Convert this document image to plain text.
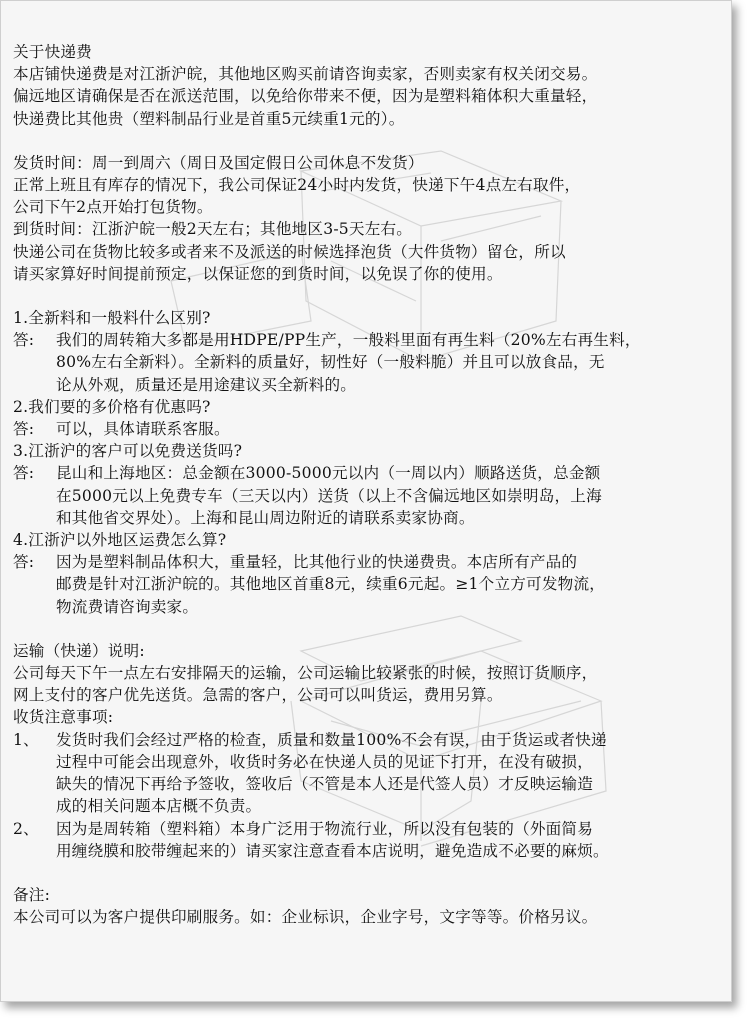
关于快递费
本店铺快递费是对江浙沪皖，其他地区购买前请咨询卖家，否则卖家有权关闭交易。
偏远地区请确保是否在派送范围，以免给你带来不便，因为是塑料箱体积大重量轻，
快递费比其他贵（塑料制品行业是首重5元续重1元的）。
发货时间：周一到周六（周日及国定假日公司休息不发货）
正常上班且有库存的情况下，我公司保证24小时内发货，快递下午4点左右取件，
公司下午2点开始打包货物。
到货时间：江浙沪皖一般2天左右；其他地区3-5天左右。
快递公司在货物比较多或者来不及派送的时候选择泡货（大件货物）留仓，所以
请买家算好时间提前预定，以保证您的到货时间，以免误了你的使用。
1.全新料和一般料什么区别?
答:	我们的周转箱大多都是用HDPE/PP生产，一般料里面有再生料（20%左右再生料，
80%左右全新料）。全新料的质量好，韧性好（一般料脆）并且可以放食品，无
论从外观，质量还是用途建议买全新料的。
2.我们要的多价格有优惠吗?
答:	可以，具体请联系客服。
3.江浙沪的客户可以免费送货吗?
答:	昆山和上海地区：总金额在3000-5000元以内（一周以内）顺路送货，总金额
在5000元以上免费专车（三天以内）送货（以上不含偏远地区如崇明岛，上海
和其他省交界处）。上海和昆山周边附近的请联系卖家协商。
4.江浙沪以外地区运费怎么算?
答:	因为是塑料制品体积大，重量轻，比其他行业的快递费贵。本店所有产品的
邮费是针对江浙沪皖的。其他地区首重8元，续重6元起。≥1个立方可发物流，
物流费请咨询卖家。
运输（快递）说明:
公司每天下午一点左右安排隔天的运输，公司运输比较紧张的时候，按照订货顺序，
网上支付的客户优先送货。急需的客户，公司可以叫货运，费用另算。
收货注意事项:
1、	发货时我们会经过严格的检查，质量和数量100%不会有误，由于货运或者快递
过程中可能会出现意外，收货时务必在快递人员的见证下打开，在没有破损，
缺失的情况下再给予签收，签收后（不管是本人还是代签人员）才反映运输造
成的相关问题本店概不负责。
2、	因为是周转箱（塑料箱）本身广泛用于物流行业，所以没有包装的（外面简易
用缠绕膜和胶带缠起来的）请买家注意查看本店说明，避免造成不必要的麻烦。
备注:
本公司可以为客户提供印刷服务。如：企业标识，企业字号，文字等等。价格另议。
